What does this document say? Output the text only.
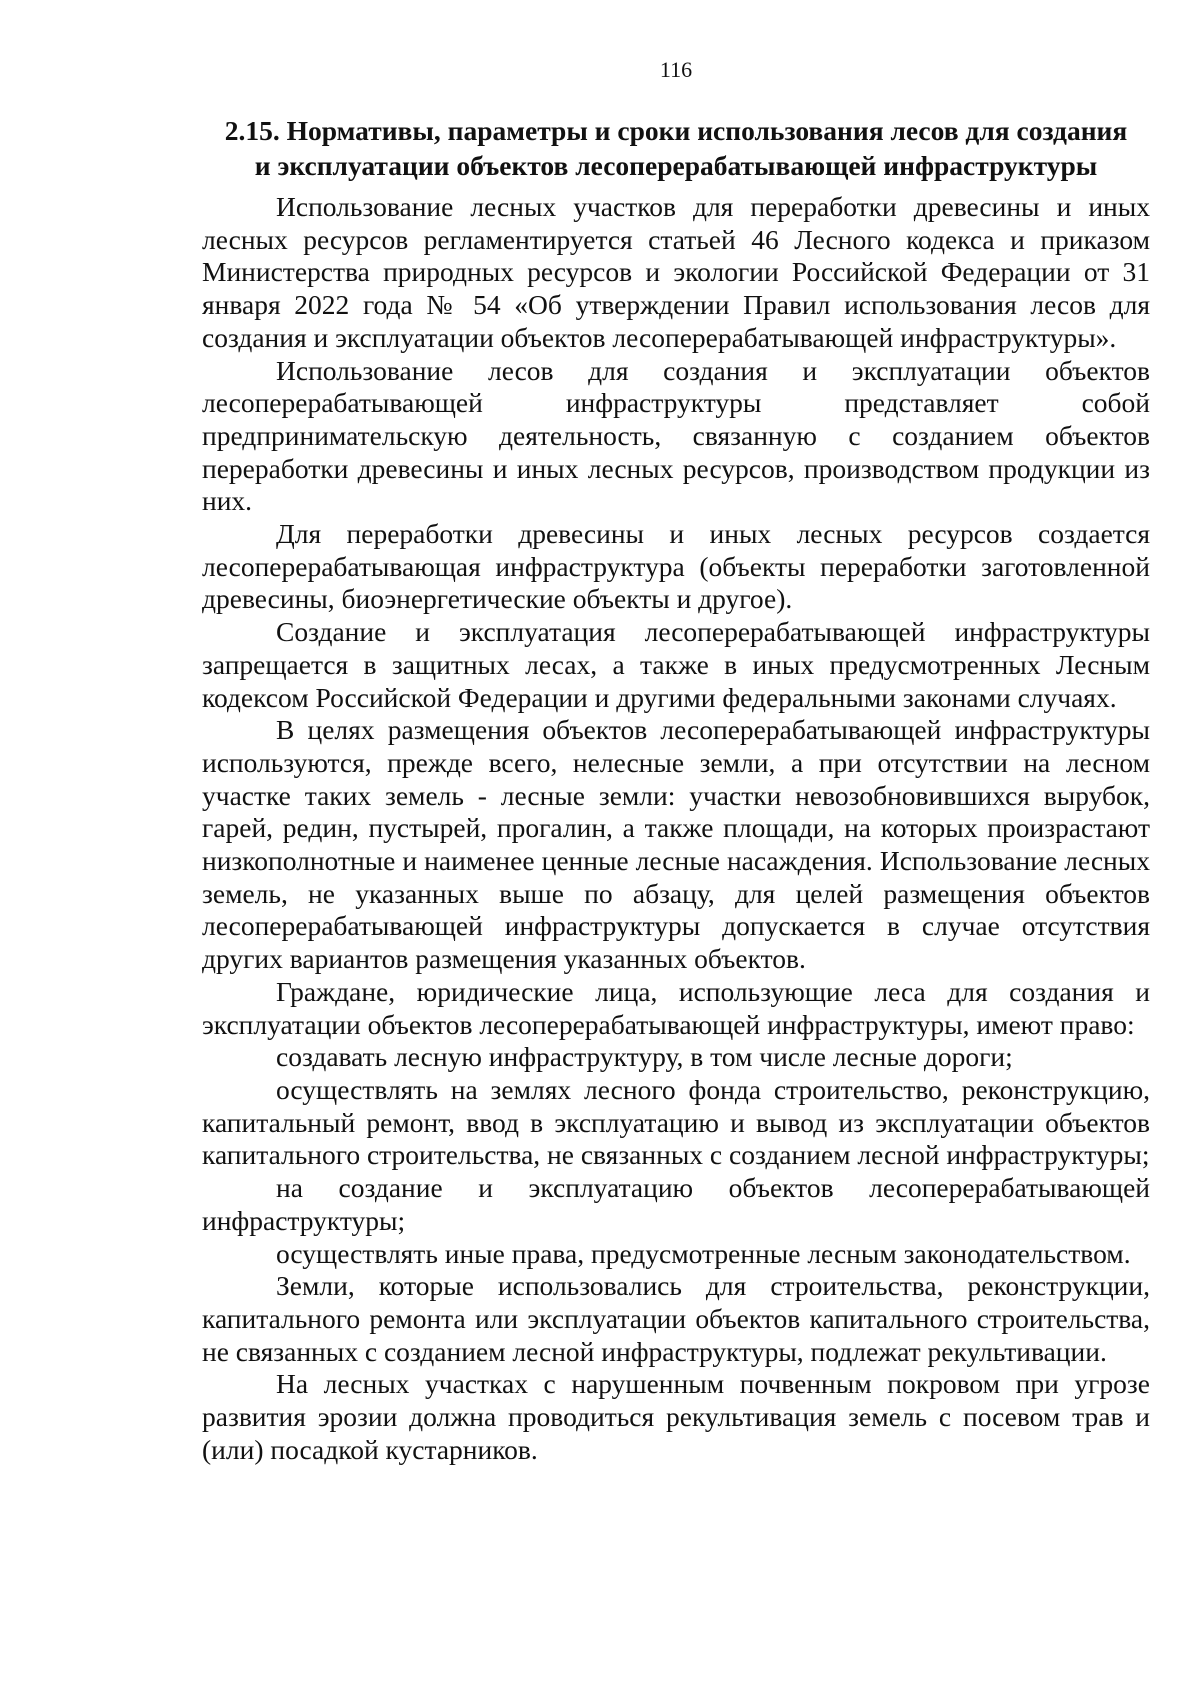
116
2.15. Нормативы, параметры и сроки использования лесов для создания
и эксплуатации объектов лесоперерабатывающей инфраструктуры

Использование лесных участков для переработки древесины и иных лесных ресурсов регламентируется статьей 46 Лесного кодекса и приказом Министерства природных ресурсов и экологии Российской Федерации от 31 января 2022 года № 54 «Об утверждении Правил использования лесов для создания и эксплуатации объектов лесоперерабатывающей инфраструктуры».

Использование лесов для создания и эксплуатации объектов лесоперерабатывающей инфраструктуры представляет собой предпринимательскую деятельность, связанную с созданием объектов переработки древесины и иных лесных ресурсов, производством продукции из них.

Для переработки древесины и иных лесных ресурсов создается лесоперерабатывающая инфраструктура (объекты переработки заготовленной древесины, биоэнергетические объекты и другое).

Создание и эксплуатация лесоперерабатывающей инфраструктуры запрещается в защитных лесах, а также в иных предусмотренных Лесным кодексом Российской Федерации и другими федеральными законами случаях.

В целях размещения объектов лесоперерабатывающей инфраструктуры используются, прежде всего, нелесные земли, а при отсутствии на лесном участке таких земель - лесные земли: участки невозобновившихся вырубок, гарей, редин, пустырей, прогалин, а также площади, на которых произрастают низкополнотные и наименее ценные лесные насаждения. Использование лесных земель, не указанных выше по абзацу, для целей размещения объектов лесоперерабатывающей инфраструктуры допускается в случае отсутствия других вариантов размещения указанных объектов.

Граждане, юридические лица, использующие леса для создания и эксплуатации объектов лесоперерабатывающей инфраструктуры, имеют право:

создавать лесную инфраструктуру, в том числе лесные дороги;

осуществлять на землях лесного фонда строительство, реконструкцию, капитальный ремонт, ввод в эксплуатацию и вывод из эксплуатации объектов капитального строительства, не связанных с созданием лесной инфраструктуры;

на создание и эксплуатацию объектов лесоперерабатывающей инфраструктуры;

осуществлять иные права, предусмотренные лесным законодательством.

Земли, которые использовались для строительства, реконструкции, капитального ремонта или эксплуатации объектов капитального строительства, не связанных с созданием лесной инфраструктуры, подлежат рекультивации.

На лесных участках с нарушенным почвенным покровом при угрозе развития эрозии должна проводиться рекультивация земель с посевом трав и (или) посадкой кустарников.
